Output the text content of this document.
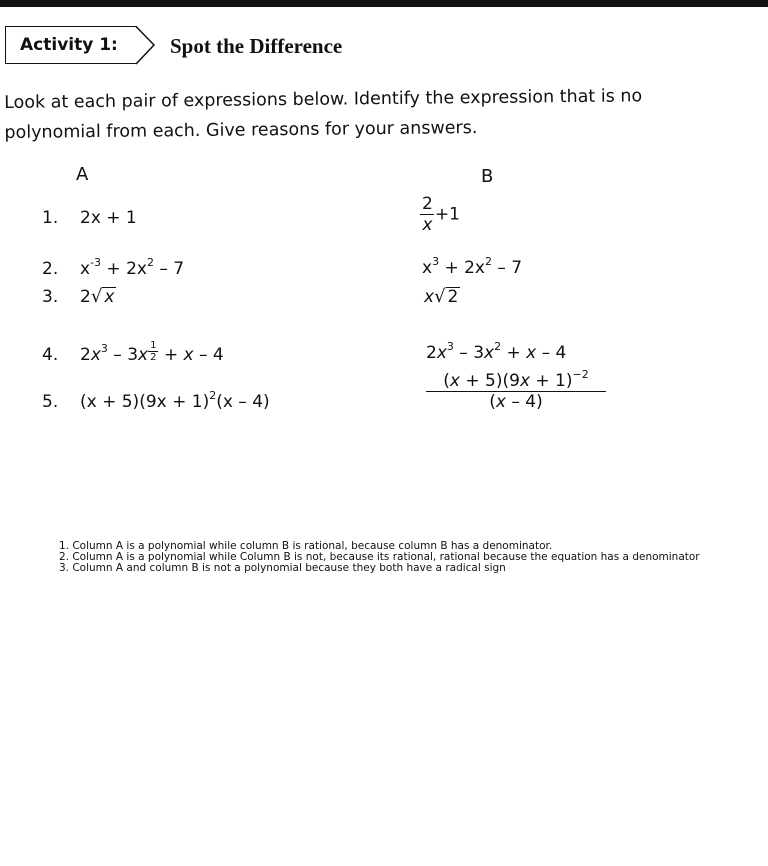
Activity 1: Spot the Difference
Look at each pair of expressions below. Identify the expression that is no
polynomial from each. Give reasons for your answers.
A	B
1. 2x + 1	$\frac{2}{x} +1$
2. $x^{-3} + 2x^2 - 7$	$x^3 + 2x^2 - 7$
3. 2 √ x	x √ 2
4. $2x^3 - 3x \frac{1}{2} + x - 4$	$2x^3 - 3x^2 + x - 4$
5. $(x + 5)(9x + 1)^2(x - 4)$	$\frac{(x + 5)(9x + 1)^{-2}}{(x - 4)}$
1. Column A is a polynomial while column B is rational, because column B has a denominator.
2. Column A is a polynomial while Column B is not, because its rational, rational because the equation has a denominator
3. Column A and column B is not a polynomial because they both have a radical sign
